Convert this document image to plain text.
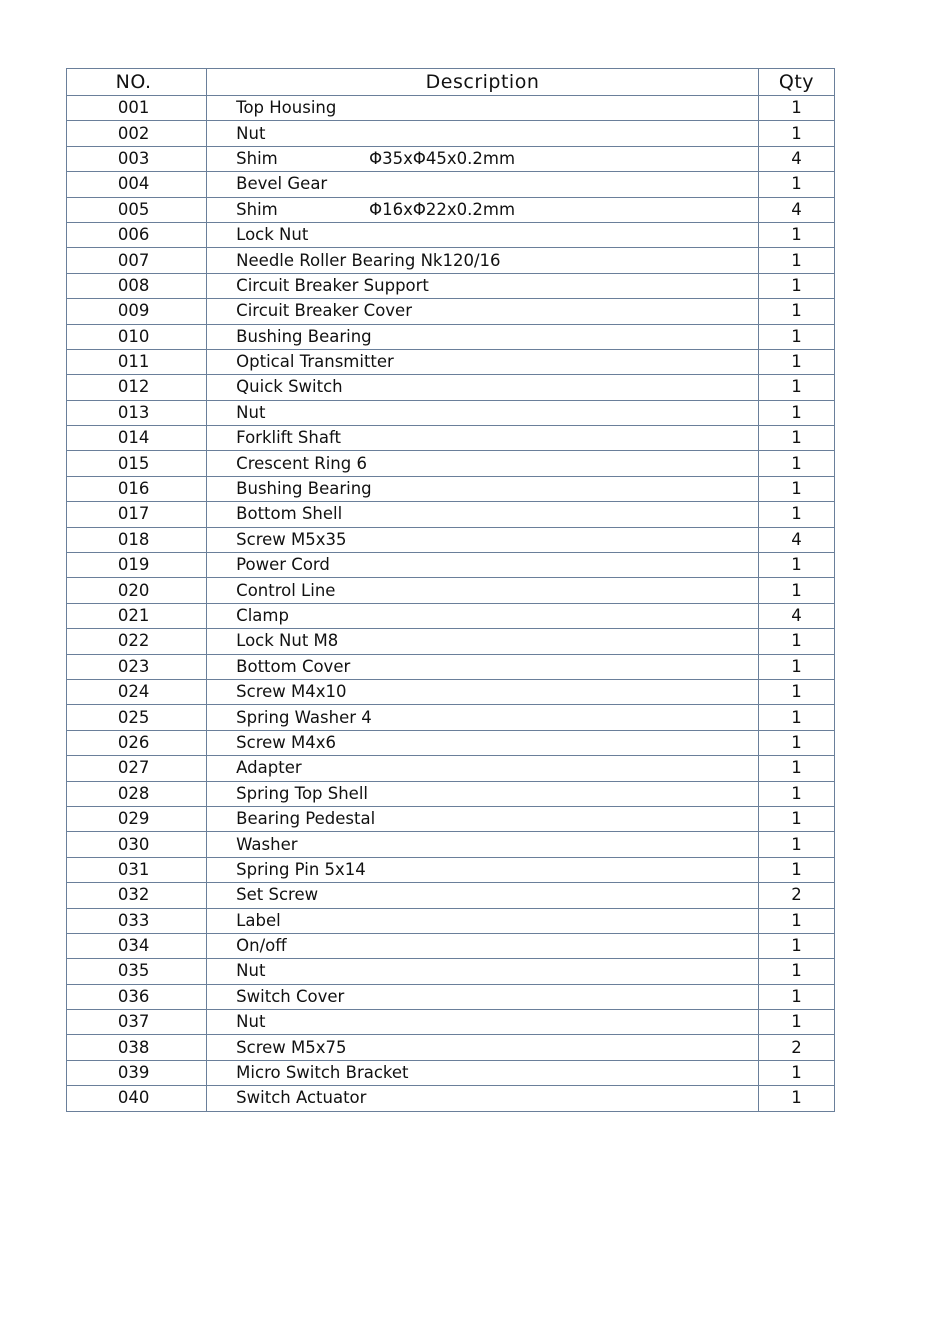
NO.	Description	Qty
001	Top Housing	1
002	Nut	1
003	Shim Φ35xΦ45x0.2mm	4
004	Bevel Gear	1
005	Shim Φ16xΦ22x0.2mm	4
006	Lock Nut	1
007	Needle Roller Bearing Nk120/16	1
008	Circuit Breaker Support	1
009	Circuit Breaker Cover	1
010	Bushing Bearing	1
011	Optical Transmitter	1
012	Quick Switch	1
013	Nut	1
014	Forklift Shaft	1
015	Crescent Ring 6	1
016	Bushing Bearing	1
017	Bottom Shell	1
018	Screw M5x35	4
019	Power Cord	1
020	Control Line	1
021	Clamp	4
022	Lock Nut M8	1
023	Bottom Cover	1
024	Screw M4x10	1
025	Spring Washer 4	1
026	Screw M4x6	1
027	Adapter	1
028	Spring Top Shell	1
029	Bearing Pedestal	1
030	Washer	1
031	Spring Pin 5x14	1
032	Set Screw	2
033	Label	1
034	On/off	1
035	Nut	1
036	Switch Cover	1
037	Nut	1
038	Screw M5x75	2
039	Micro Switch Bracket	1
040	Switch Actuator	1
